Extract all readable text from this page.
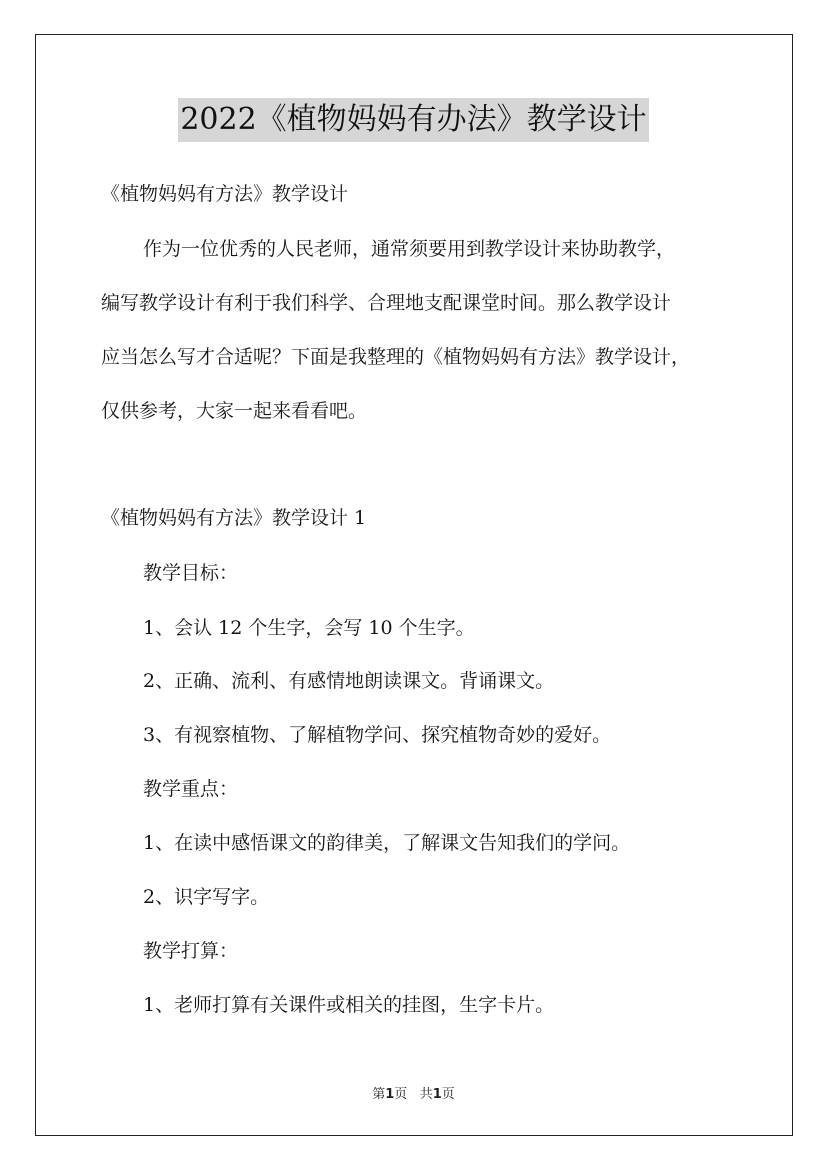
2022《植物妈妈有办法》教学设计
《植物妈妈有方法》教学设计
作为一位优秀的人民老师，通常须要用到教学设计来协助教学，
编写教学设计有利于我们科学、合理地支配课堂时间。那么教学设计
应当怎么写才合适呢？下面是我整理的《植物妈妈有方法》教学设计，
仅供参考，大家一起来看看吧。
《植物妈妈有方法》教学设计 1
教学目标：
1、会认 12 个生字，会写 10 个生字。
2、正确、流利、有感情地朗读课文。背诵课文。
3、有视察植物、了解植物学问、探究植物奇妙的爱好。
教学重点：
1、在读中感悟课文的韵律美，了解课文告知我们的学问。
2、识字写字。
教学打算：
1、老师打算有关课件或相关的挂图，生字卡片。
第1页 共1页
